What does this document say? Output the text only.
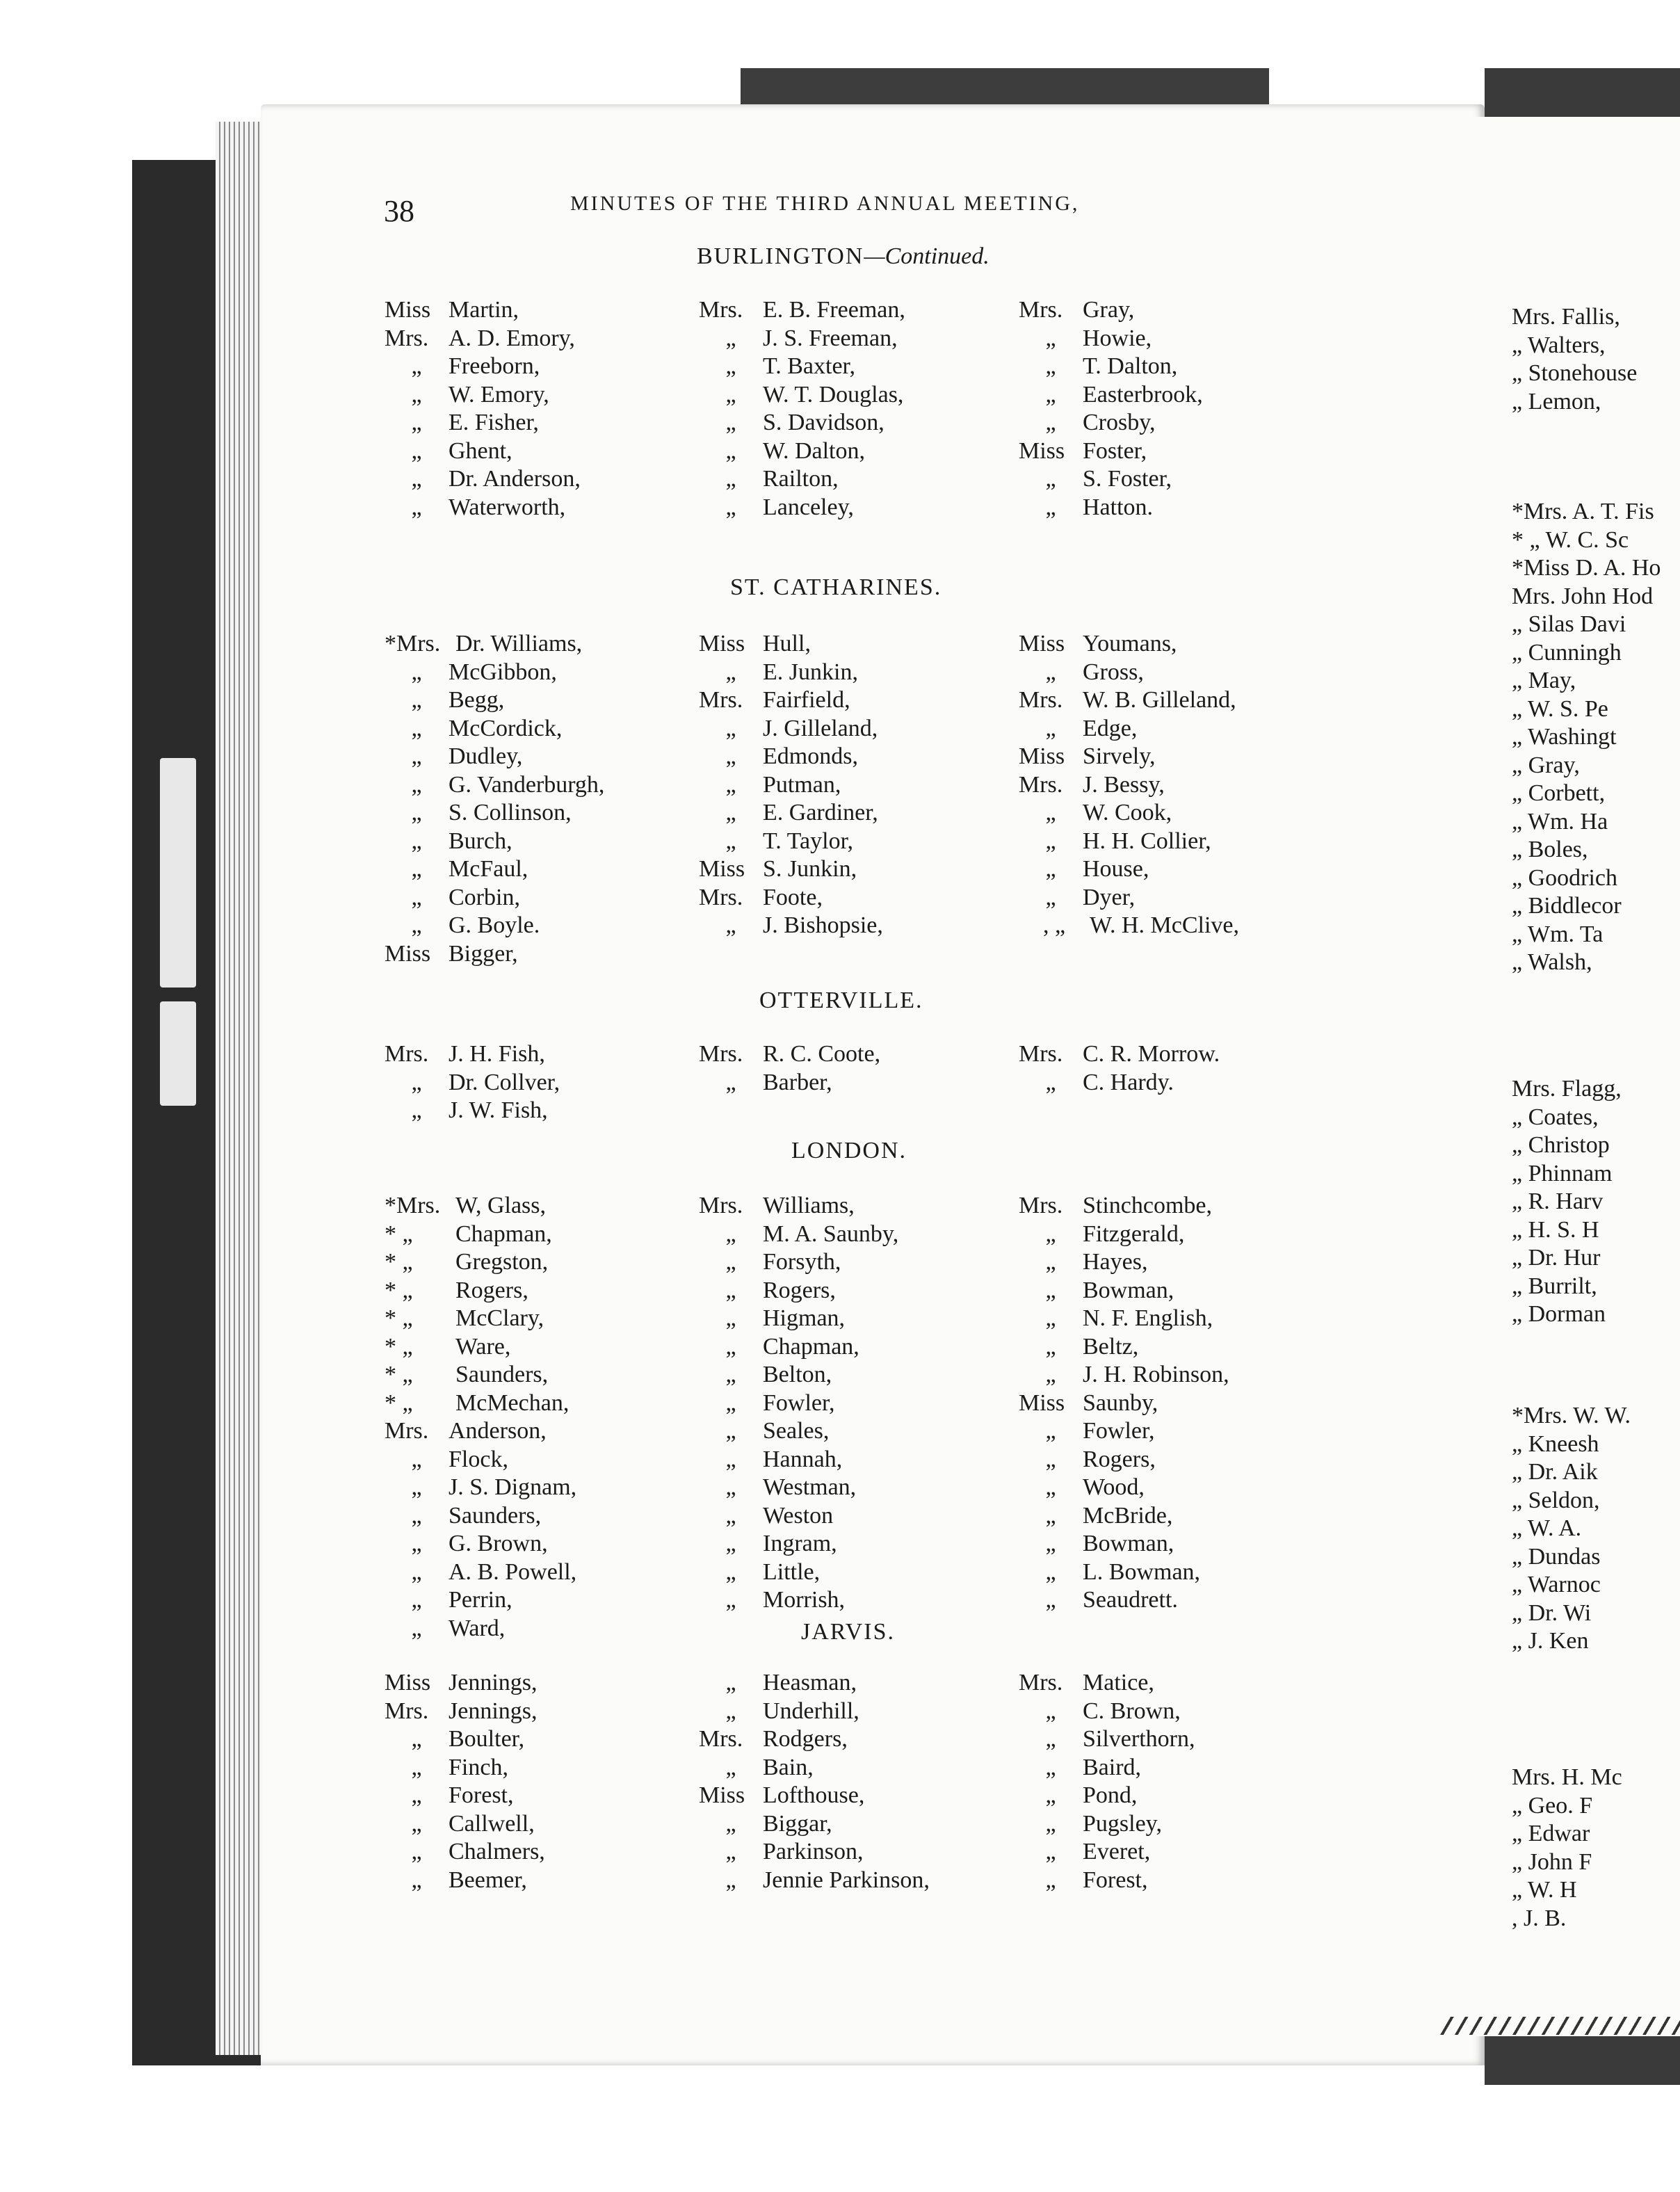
38	MINUTES OF THE THIRD ANNUAL MEETING,
BURLINGTON—Continued.
Miss Martin,
Mrs. A. D. Emory,
„ Freeborn,
„ W. Emory,
„ E. Fisher,
„ Ghent,
„ Dr. Anderson,
„ Waterworth,
Mrs. E. B. Freeman,
„ J. S. Freeman,
„ T. Baxter,
„ W. T. Douglas,
„ S. Davidson,
„ W. Dalton,
„ Railton,
„ Lanceley,
Mrs. Gray,
„ Howie,
„ T. Dalton,
„ Easterbrook,
„ Crosby,
Miss Foster,
„ S. Foster,
„ Hatton.
ST. CATHARINES.
*Mrs. Dr. Williams,
„ McGibbon,
„ Begg,
„ McCordick,
„ Dudley,
„ G. Vanderburgh,
„ S. Collinson,
„ Burch,
„ McFaul,
„ Corbin,
„ G. Boyle.
Miss Bigger,
Miss Hull,
„ E. Junkin,
Mrs. Fairfield,
„ J. Gilleland,
„ Edmonds,
„ Putman,
„ E. Gardiner,
„ T. Taylor,
Miss S. Junkin,
Mrs. Foote,
„ J. Bishopsie,
Miss Youmans,
„ Gross,
Mrs. W. B. Gilleland,
„ Edge,
Miss Sirvely,
Mrs. J. Bessy,
„ W. Cook,
„ H. H. Collier,
„ House,
„ Dyer,
, „ W. H. McClive,
OTTERVILLE.
Mrs. J. H. Fish,
„ Dr. Collver,
„ J. W. Fish,
Mrs. R. C. Coote,
„ Barber,
Mrs. C. R. Morrow.
„ C. Hardy.
LONDON.
*Mrs. W, Glass,
* „ Chapman,
* „ Gregston,
* „ Rogers,
* „ McClary,
* „ Ware,
* „ Saunders,
* „ McMechan,
Mrs. Anderson,
„ Flock,
„ J. S. Dignam,
„ Saunders,
„ G. Brown,
„ A. B. Powell,
„ Perrin,
„ Ward,
Mrs. Williams,
„ M. A. Saunby,
„ Forsyth,
„ Rogers,
„ Higman,
„ Chapman,
„ Belton,
„ Fowler,
„ Seales,
„ Hannah,
„ Westman,
„ Weston
„ Ingram,
„ Little,
„ Morrish,
Mrs. Stinchcombe,
„ Fitzgerald,
„ Hayes,
„ Bowman,
„ N. F. English,
„ Beltz,
„ J. H. Robinson,
Miss Saunby,
„ Fowler,
„ Rogers,
„ Wood,
„ McBride,
„ Bowman,
„ L. Bowman,
„ Seaudrett.
JARVIS.
Miss Jennings,
Mrs. Jennings,
„ Boulter,
„ Finch,
„ Forest,
„ Callwell,
„ Chalmers,
„ Beemer,
„ Heasman,
„ Underhill,
Mrs. Rodgers,
„ Bain,
Miss Lofthouse,
„ Biggar,
„ Parkinson,
„ Jennie Parkinson,
Mrs. Matice,
„ C. Brown,
„ Silverthorn,
„ Baird,
„ Pond,
„ Pugsley,
„ Everet,
„ Forest,
Mrs. Fallis,
„ Walters,
„ Stonehouse
„ Lemon,
*Mrs. A. T. Fis
* „ W. C. Sc
*Miss D. A. Ho
Mrs. John Hod
„ Silas Davi
„ Cunningh
„ May,
„ W. S. Pe
„ Washingt
„ Gray,
„ Corbett,
„ Wm. Ha
„ Boles,
„ Goodrich
„ Biddlecor
„ Wm. Ta
„ Walsh,
Mrs. Flagg,
„ Coates,
„ Christop
„ Phinnam
„ R. Harv
„ H. S. H
„ Dr. Hur
„ Burrilt,
„ Dorman
*Mrs. W. W.
„ Kneesh
„ Dr. Aik
„ Seldon,
„ W. A.
„ Dundas
„ Warnoc
„ Dr. Wi
„ J. Ken
Mrs. H. Mc
„ Geo. F
„ Edwar
„ John F
„ W. H
, J. B.
